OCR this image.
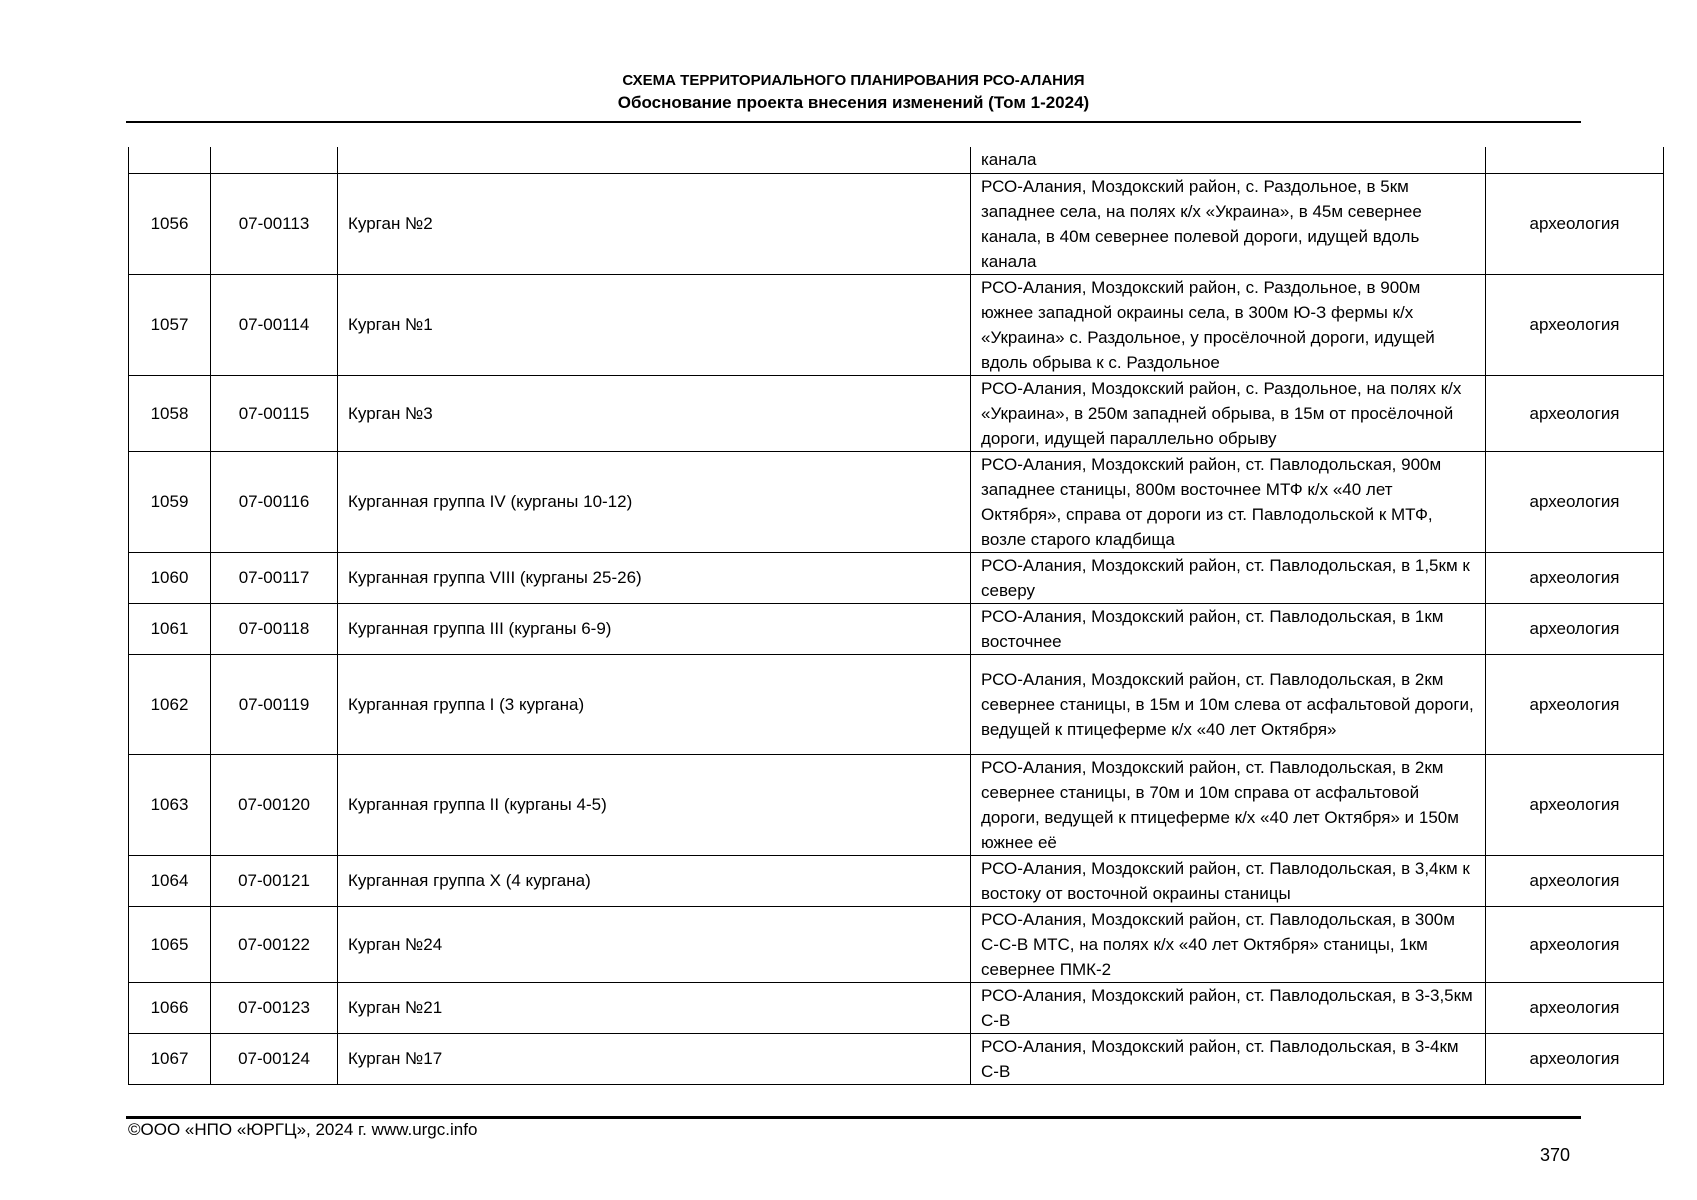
СХЕМА ТЕРРИТОРИАЛЬНОГО ПЛАНИРОВАНИЯ РСО-АЛАНИЯ
Обоснование проекта внесения изменений (Том 1-2024)
			канала	
1056	07-00113	Курган №2	РСО-Алания, Моздокский район, с. Раздольное, в 5км западнее села, на полях к/х «Украина», в 45м севернее канала, в 40м севернее полевой дороги, идущей вдоль канала	археология
1057	07-00114	Курган №1	РСО-Алания, Моздокский район, с. Раздольное, в 900м южнее западной окраины села, в 300м Ю-З фермы к/х «Украина» с. Раздольное, у просёлочной дороги, идущей вдоль обрыва к с. Раздольное	археология
1058	07-00115	Курган №3	РСО-Алания, Моздокский район, с. Раздольное, на полях к/х «Украина», в 250м западней обрыва, в 15м от просёлочной дороги, идущей параллельно обрыву	археология
1059	07-00116	Курганная группа IV (курганы 10-12)	РСО-Алания, Моздокский район, ст. Павлодольская, 900м западнее станицы, 800м восточнее МТФ к/х «40 лет Октября», справа от дороги из ст. Павлодольской к МТФ, возле старого кладбища	археология
1060	07-00117	Курганная группа VIII (курганы 25-26)	РСО-Алания, Моздокский район, ст. Павлодольская, в 1,5км к северу	археология
1061	07-00118	Курганная группа III (курганы 6-9)	РСО-Алания, Моздокский район, ст. Павлодольская, в 1км восточнее	археология
1062	07-00119	Курганная группа I (3 кургана)	РСО-Алания, Моздокский район, ст. Павлодольская, в 2км севернее станицы, в 15м и 10м слева от асфальтовой дороги, ведущей к птицеферме к/х «40 лет Октября»	археология
1063	07-00120	Курганная группа II (курганы 4-5)	РСО-Алания, Моздокский район, ст. Павлодольская, в 2км севернее станицы, в 70м и 10м справа от асфальтовой дороги, ведущей к птицеферме к/х «40 лет Октября» и 150м южнее её	археология
1064	07-00121	Курганная группа X (4 кургана)	РСО-Алания, Моздокский район, ст. Павлодольская, в 3,4км к востоку от восточной окраины станицы	археология
1065	07-00122	Курган №24	РСО-Алания, Моздокский район, ст. Павлодольская, в 300м С-С-В МТС, на полях к/х «40 лет Октября» станицы, 1км севернее ПМК-2	археология
1066	07-00123	Курган №21	РСО-Алания, Моздокский район, ст. Павлодольская, в 3-3,5км С-В	археология
1067	07-00124	Курган №17	РСО-Алания, Моздокский район, ст. Павлодольская, в 3-4км С-В	археология
©ООО «НПО «ЮРГЦ», 2024 г. www.urgc.info
370
